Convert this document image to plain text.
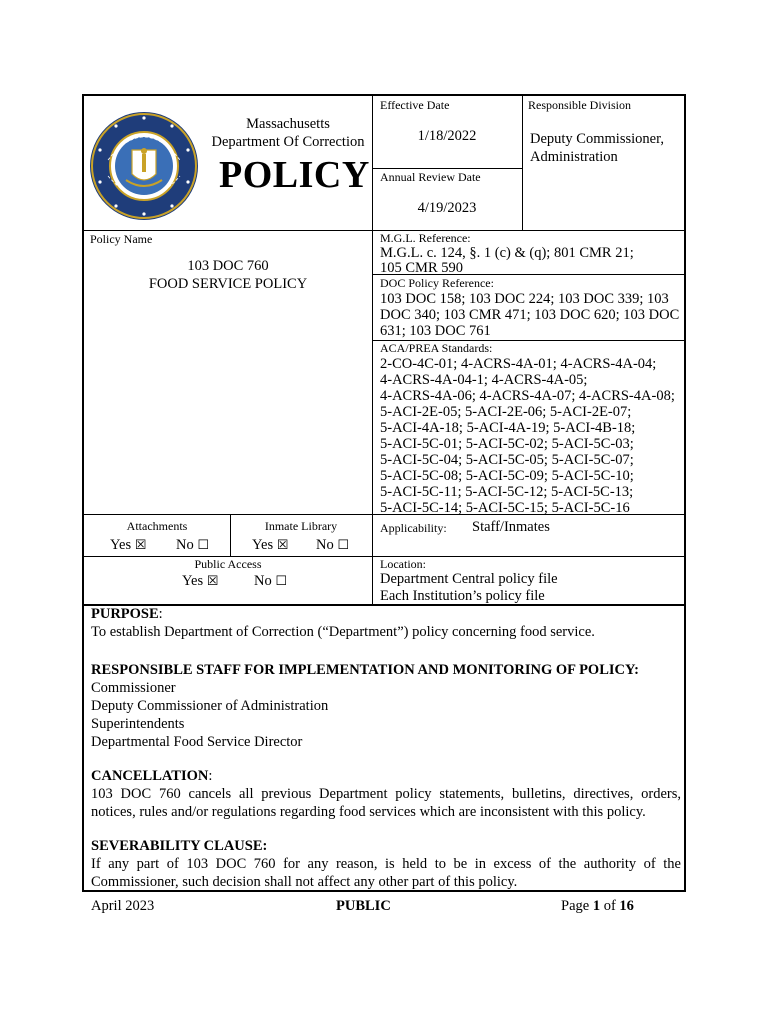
Massachusetts
Department Of Correction
POLICY
Effective Date
1/18/2022
Responsible Division
Deputy Commissioner,
Administration
Annual Review Date
4/19/2023
Policy Name
103 DOC 760
FOOD SERVICE POLICY
M.G.L. Reference:
M.G.L. c. 124, §. 1 (c) & (q); 801 CMR 21;
105 CMR 590
DOC Policy Reference:
103 DOC 158; 103 DOC 224; 103 DOC 339; 103
DOC 340; 103 CMR 471; 103 DOC 620; 103 DOC
631; 103 DOC 761
ACA/PREA Standards:
2-CO-4C-01; 4-ACRS-4A-01; 4-ACRS-4A-04;
4-ACRS-4A-04-1; 4-ACRS-4A-05;
4-ACRS-4A-06; 4-ACRS-4A-07; 4-ACRS-4A-08;
5-ACI-2E-05; 5-ACI-2E-06; 5-ACI-2E-07;
5-ACI-4A-18; 5-ACI-4A-19; 5-ACI-4B-18;
5-ACI-5C-01; 5-ACI-5C-02; 5-ACI-5C-03;
5-ACI-5C-04; 5-ACI-5C-05; 5-ACI-5C-07;
5-ACI-5C-08; 5-ACI-5C-09; 5-ACI-5C-10;
5-ACI-5C-11; 5-ACI-5C-12; 5-ACI-5C-13;
5-ACI-5C-14; 5-ACI-5C-15; 5-ACI-5C-16
Attachments
Yes ☒ No ☐
Inmate Library
Yes ☒ No ☐
Applicability: Staff/Inmates
Public Access
Yes ☒ No ☐
Location:
Department Central policy file
Each Institution’s policy file
PURPOSE:
To establish Department of Correction (“Department”) policy concerning food service.
RESPONSIBLE STAFF FOR IMPLEMENTATION AND MONITORING OF POLICY:
Commissioner
Deputy Commissioner of Administration
Superintendents
Departmental Food Service Director
CANCELLATION:
103 DOC 760 cancels all previous Department policy statements, bulletins, directives, orders, notices, rules and/or regulations regarding food services which are inconsistent with this policy.
SEVERABILITY CLAUSE:
If any part of 103 DOC 760 for any reason, is held to be in excess of the authority of the Commissioner, such decision shall not affect any other part of this policy.
April 2023	PUBLIC	Page 1 of 16
